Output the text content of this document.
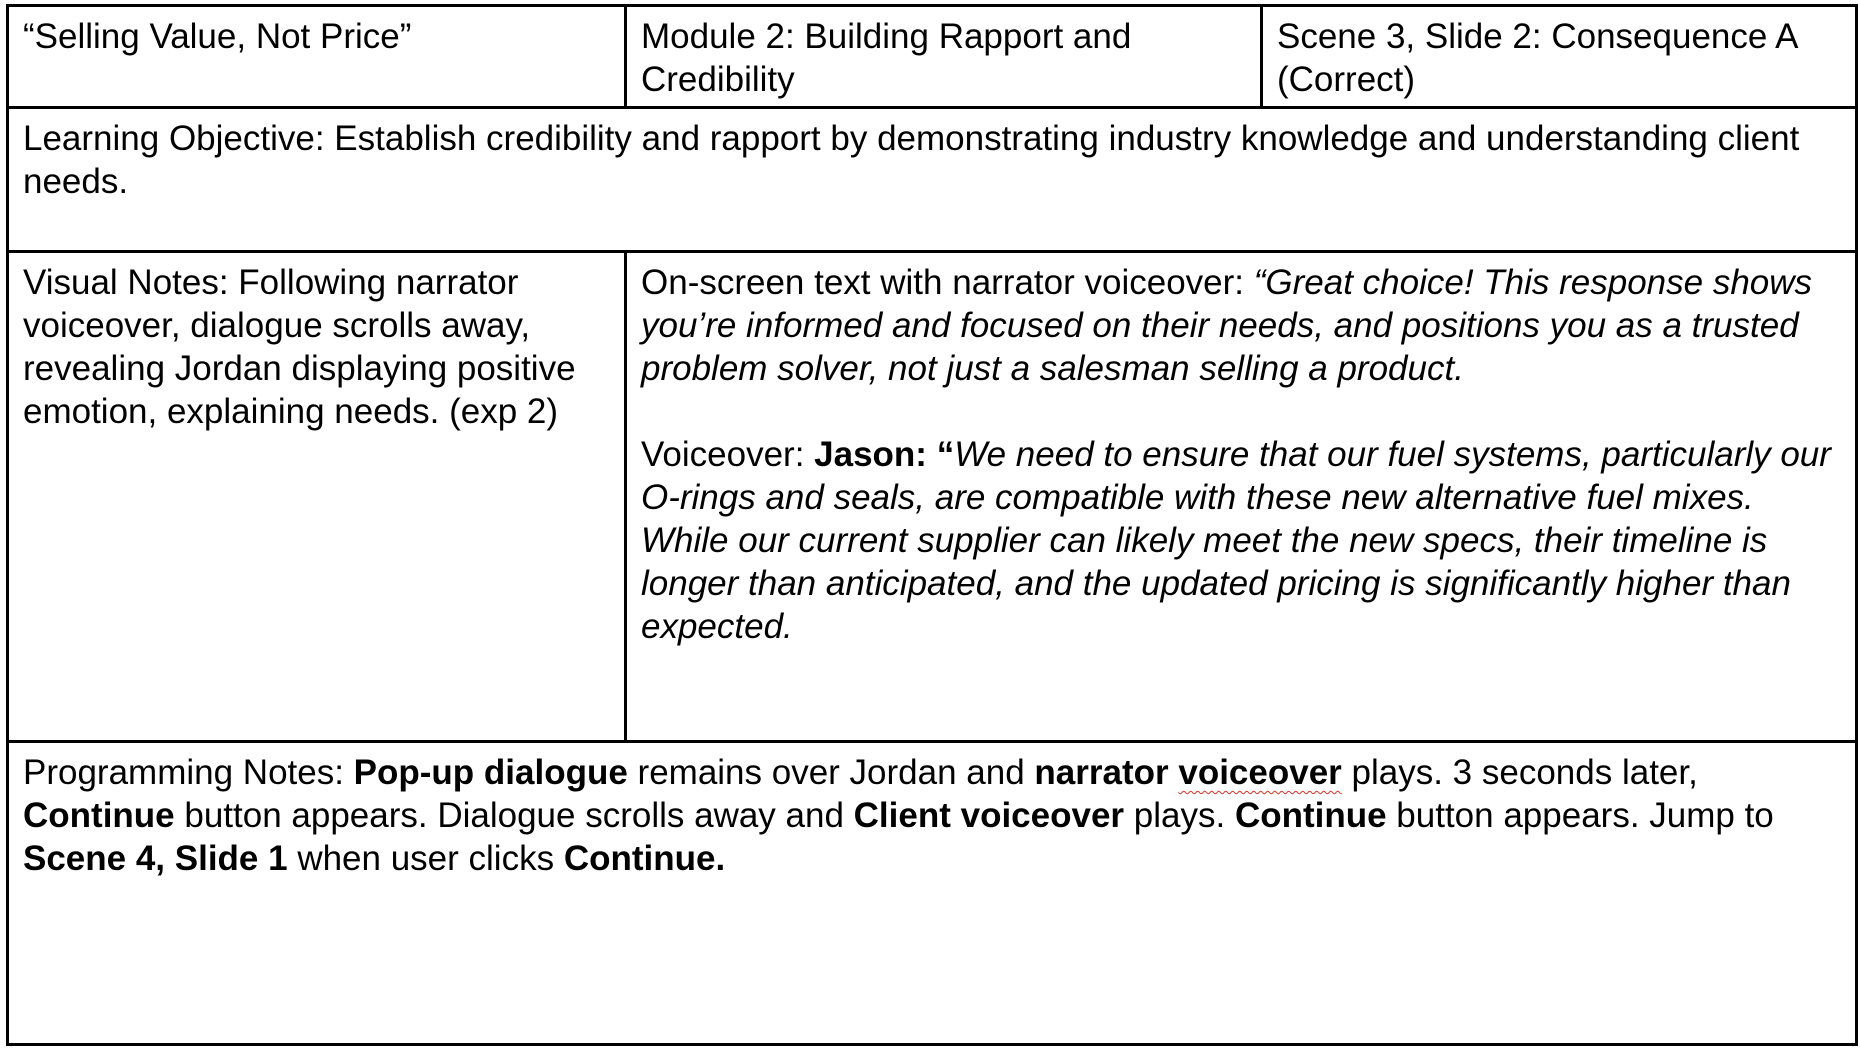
“Selling Value, Not Price”	Module 2: Building Rapport and Credibility
Scene 3, Slide 2: Consequence A (Correct)
Learning Objective: Establish credibility and rapport by demonstrating industry knowledge and understanding client needs.
Visual Notes: Following narrator voiceover, dialogue scrolls away, revealing Jordan displaying positive emotion, explaining needs. (exp 2)

On-screen text with narrator voiceover: “Great choice! This response shows you’re informed and focused on their needs, and positions you as a trusted problem solver, not just a salesman selling a product.

Voiceover: Jason: “We need to ensure that our fuel systems, particularly our O-rings and seals, are compatible with these new alternative fuel mixes. While our current supplier can likely meet the new specs, their timeline is longer than anticipated, and the updated pricing is significantly higher than expected.

Programming Notes: Pop-up dialogue remains over Jordan and narrator voiceover plays. 3 seconds later, Continue button appears. Dialogue scrolls away and Client voiceover plays. Continue button appears. Jump to Scene 4, Slide 1 when user clicks Continue.
